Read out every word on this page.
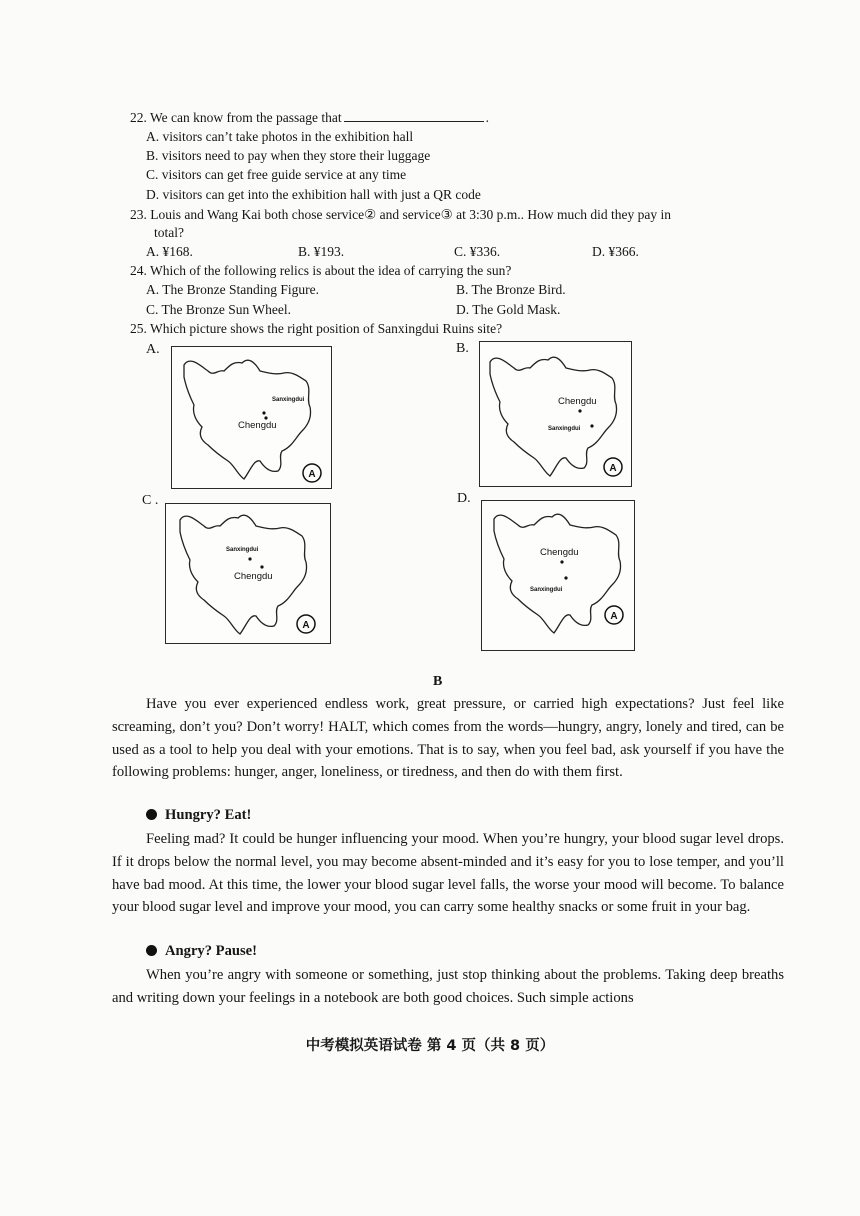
22. We can know from the passage that	.
A. visitors can’t take photos in the exhibition hall
B. visitors need to pay when they store their luggage
C. visitors can get free guide service at any time
D. visitors can get into the exhibition hall with just a QR code
23. Louis and Wang Kai both chose service② and service③ at 3:30 p.m.. How much did they pay in
total?
A. ¥168.	B. ¥193.	C. ¥336.	D. ¥366.
24. Which of the following relics is about the idea of carrying the sun?
A. The Bronze Standing Figure.	B. The Bronze Bird.
C. The Bronze Sun Wheel.	D. The Gold Mask.
25. Which picture shows the right position of Sanxingdui Ruins site?
A.	B.
C .	D.
Sanxingdui
Chengdu
A
Chengdu
Sanxingdui
A
Sanxingdui
Chengdu
A
Chengdu
Sanxingdui
A
B
Have you ever experienced endless work, great pressure, or carried high expectations? Just feel like screaming, don’t you? Don’t worry! HALT, which comes from the words—hungry, angry, lonely and tired, can be used as a tool to help you deal with your emotions. That is to say, when you feel bad, ask yourself if you have the following problems: hunger, anger, loneliness, or tiredness, and then do with them first.
Hungry? Eat!
Feeling mad? It could be hunger influencing your mood. When you’re hungry, your blood sugar level drops. If it drops below the normal level, you may become absent-minded and it’s easy for you to lose temper, and you’ll have bad mood. At this time, the lower your blood sugar level falls, the worse your mood will become. To balance your blood sugar level and improve your mood, you can carry some healthy snacks or some fruit in your bag.
Angry? Pause!
When you’re angry with someone or something, just stop thinking about the problems. Taking deep breaths and writing down your feelings in a notebook are both good choices. Such simple actions
中考模拟英语试卷 第 4 页（共 8 页）
